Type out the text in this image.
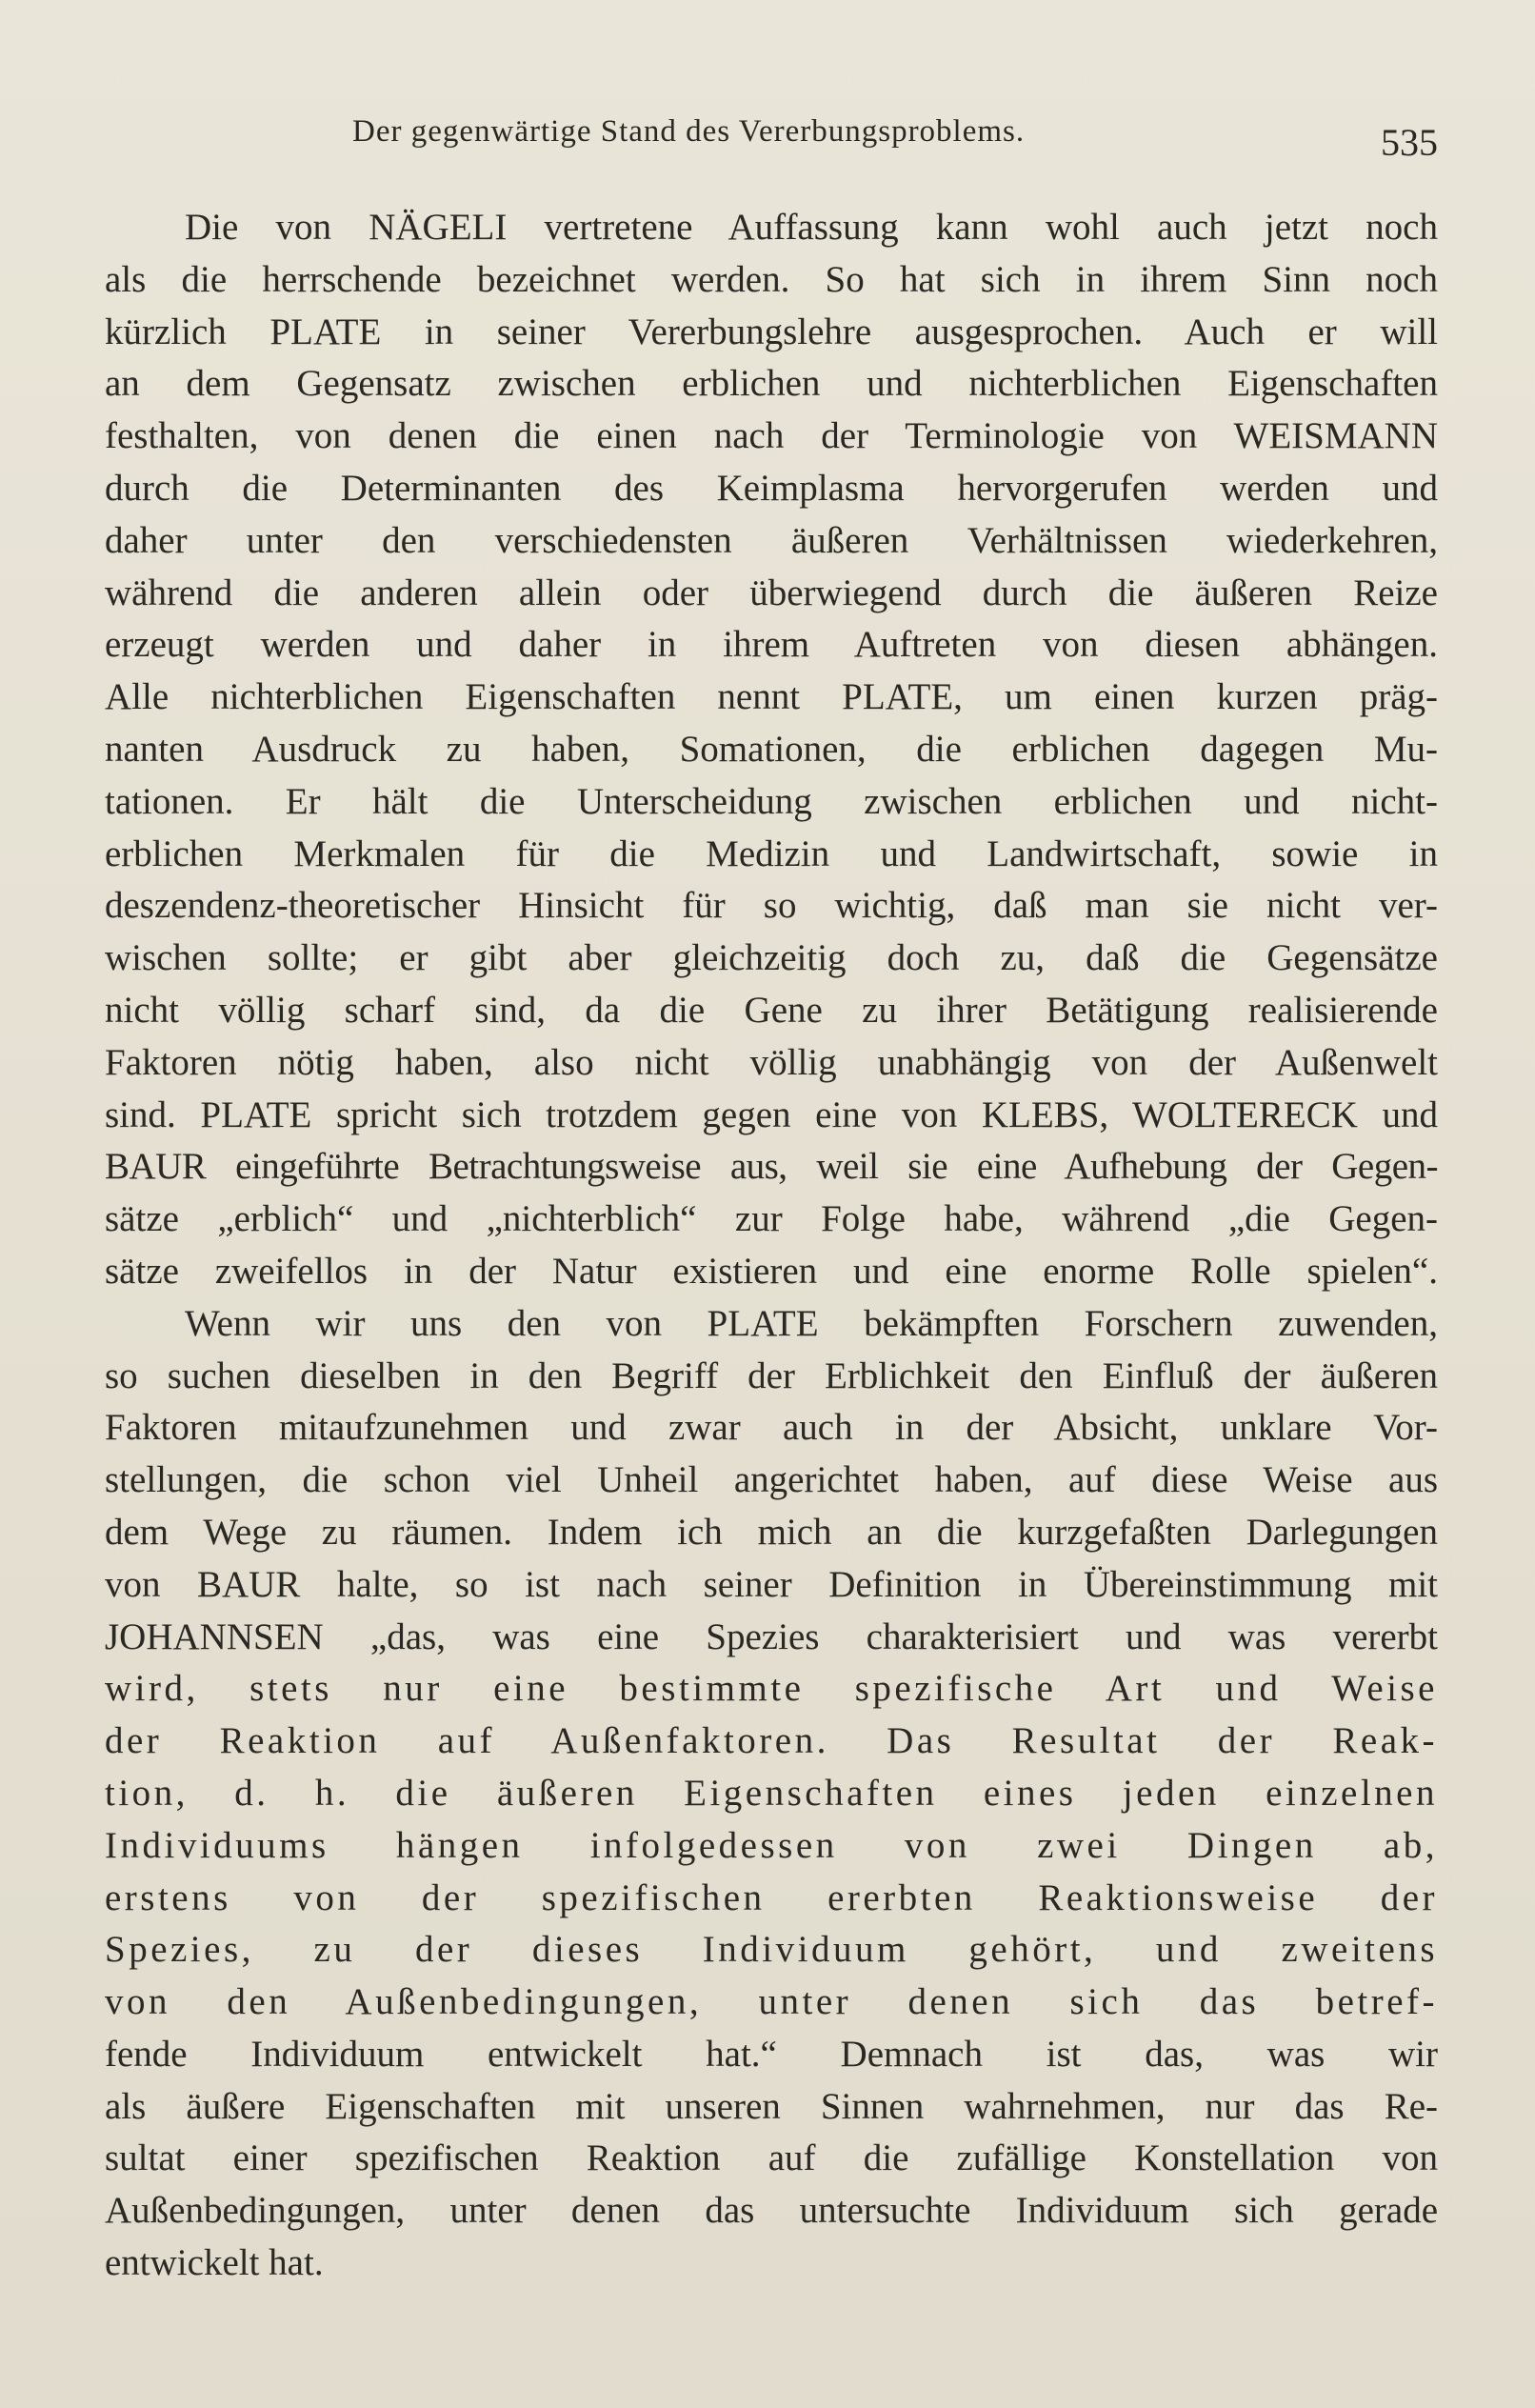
Der gegenwärtige Stand des Vererbungsproblems.	535
Die von NÄGELI vertretene Auffassung kann wohl auch jetzt noch
als die herrschende bezeichnet werden. So hat sich in ihrem Sinn noch
kürzlich PLATE in seiner Vererbungslehre ausgesprochen. Auch er will
an dem Gegensatz zwischen erblichen und nichterblichen Eigenschaften
festhalten, von denen die einen nach der Terminologie von WEISMANN
durch die Determinanten des Keimplasma hervorgerufen werden und
daher unter den verschiedensten äußeren Verhältnissen wiederkehren,
während die anderen allein oder überwiegend durch die äußeren Reize
erzeugt werden und daher in ihrem Auftreten von diesen abhängen.
Alle nichterblichen Eigenschaften nennt PLATE, um einen kurzen präg-
nanten Ausdruck zu haben, Somationen, die erblichen dagegen Mu-
tationen. Er hält die Unterscheidung zwischen erblichen und nicht-
erblichen Merkmalen für die Medizin und Landwirtschaft, sowie in
deszendenz-theoretischer Hinsicht für so wichtig, daß man sie nicht ver-
wischen sollte; er gibt aber gleichzeitig doch zu, daß die Gegensätze
nicht völlig scharf sind, da die Gene zu ihrer Betätigung realisierende
Faktoren nötig haben, also nicht völlig unabhängig von der Außenwelt
sind. PLATE spricht sich trotzdem gegen eine von KLEBS, WOLTERECK und
BAUR eingeführte Betrachtungsweise aus, weil sie eine Aufhebung der Gegen-
sätze „erblich“ und „nichterblich“ zur Folge habe, während „die Gegen-
sätze zweifellos in der Natur existieren und eine enorme Rolle spielen“.
Wenn wir uns den von PLATE bekämpften Forschern zuwenden,
so suchen dieselben in den Begriff der Erblichkeit den Einfluß der äußeren
Faktoren mitaufzunehmen und zwar auch in der Absicht, unklare Vor-
stellungen, die schon viel Unheil angerichtet haben, auf diese Weise aus
dem Wege zu räumen. Indem ich mich an die kurzgefaßten Darlegungen
von BAUR halte, so ist nach seiner Definition in Übereinstimmung mit
JOHANNSEN „das, was eine Spezies charakterisiert und was vererbt
wird, stets nur eine bestimmte spezifische Art und Weise
der Reaktion auf Außenfaktoren. Das Resultat der Reak-
tion, d. h. die äußeren Eigenschaften eines jeden einzelnen
Individuums hängen infolgedessen von zwei Dingen ab,
erstens von der spezifischen ererbten Reaktionsweise der
Spezies, zu der dieses Individuum gehört, und zweitens
von den Außenbedingungen, unter denen sich das betref-
fende Individuum entwickelt hat.“ Demnach ist das, was wir
als äußere Eigenschaften mit unseren Sinnen wahrnehmen, nur das Re-
sultat einer spezifischen Reaktion auf die zufällige Konstellation von
Außenbedingungen, unter denen das untersuchte Individuum sich gerade
entwickelt hat.
